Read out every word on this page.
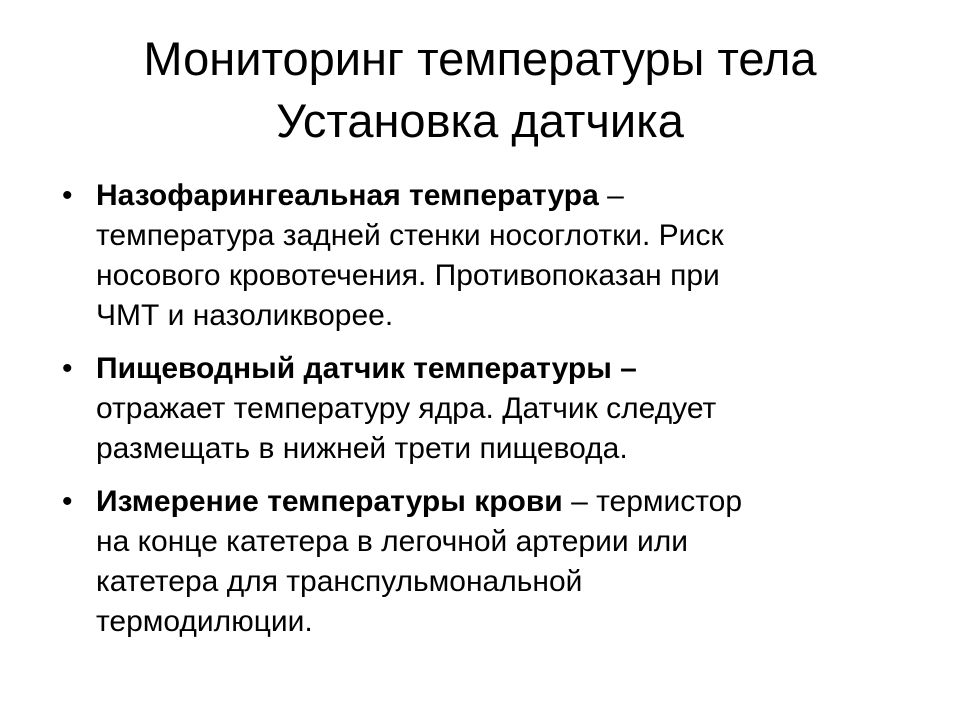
Мониторинг температуры тела
Установка датчика
• Назофарингеальная температура –
температура задней стенки носоглотки. Риск
носового кровотечения. Противопоказан при
ЧМТ и назоликворее.
• Пищеводный датчик температуры –
отражает температуру ядра. Датчик следует
размещать в нижней трети пищевода.
• Измерение температуры крови – термистор
на конце катетера в легочной артерии или
катетера для транспульмональной
термодилюции.
